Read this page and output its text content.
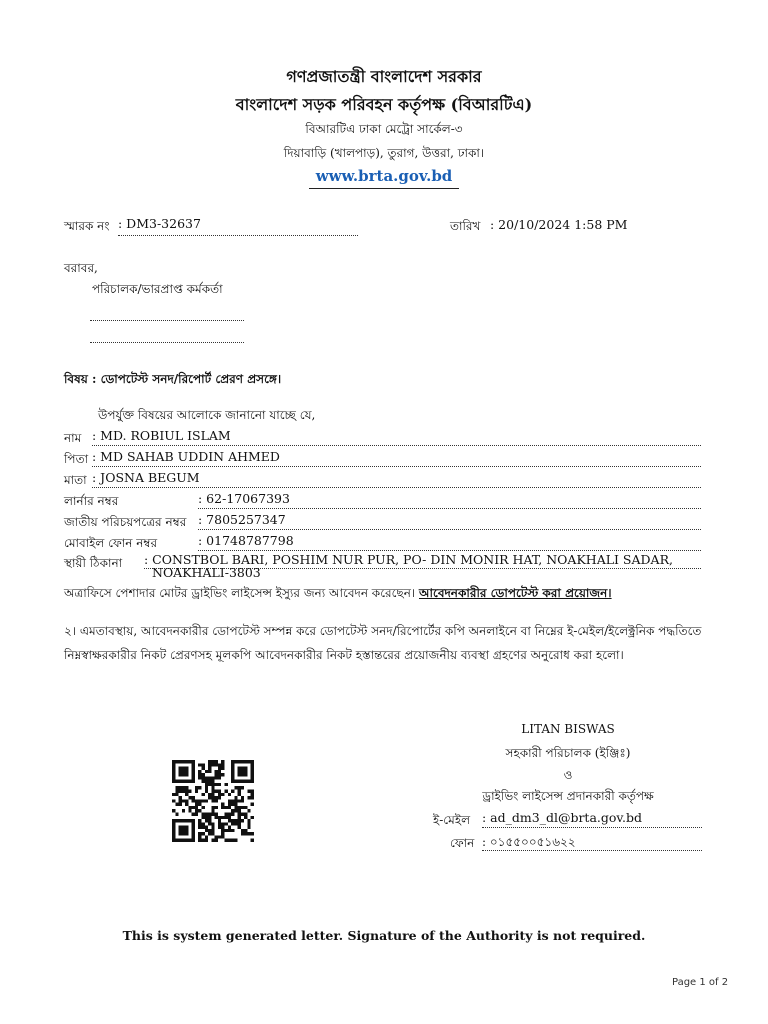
গণপ্রজাতন্ত্রী বাংলাদেশ সরকার
বাংলাদেশ সড়ক পরিবহন কর্তৃপক্ষ (বিআরটিএ)
বিআরটিএ ঢাকা মেট্রো সার্কেল-৩
দিয়াবাড়ি (খালপাড়), তুরাগ, উত্তরা, ঢাকা।
www.brta.gov.bd
স্মারক নং : DM3-32637	তারিখ : 20/10/2024 1:58 PM
বরাবর,
পরিচালক/ভারপ্রাপ্ত কর্মকর্তা
বিষয় : ডোপটেস্ট সনদ/রিপোর্ট প্রেরণ প্রসঙ্গে।
উপর্যুক্ত বিষয়ের আলোকে জানানো যাচ্ছে যে,
নাম : MD. ROBIUL ISLAM
পিতা : MD SAHAB UDDIN AHMED
মাতা : JOSNA BEGUM
লার্নার নম্বর	: 62-17067393
জাতীয় পরিচয়পত্রের নম্বর : 7805257347
মোবাইল ফোন নম্বর	: 01748787798
স্থায়ী ঠিকানা : CONSTBOL BARI, POSHIM NUR PUR, PO- DIN MONIR HAT, NOAKHALI SADAR,
NOAKHALI-3803
অত্রাফিসে পেশাদার মোটর ড্রাইভিং লাইসেন্স ইস্যুর জন্য আবেদন করেছেন। আবেদনকারীর ডোপটেস্ট করা প্রয়োজন।
২। এমতাবস্থায়, আবেদনকারীর ডোপটেস্ট সম্পন্ন করে ডোপটেস্ট সনদ/রিপোর্টের কপি অনলাইনে বা নিম্নের ই-মেইল/ইলেক্ট্রনিক পদ্ধতিতে
নিম্নস্বাক্ষরকারীর নিকট প্রেরণসহ মূলকপি আবেদনকারীর নিকট হস্তান্তরের প্রয়োজনীয় ব্যবস্থা গ্রহণের অনুরোধ করা হলো।
LITAN BISWAS
সহকারী পরিচালক (ইঞ্জিঃ)
ও
ড্রাইভিং লাইসেন্স প্রদানকারী কর্তৃপক্ষ
ই-মেইল : ad_dm3_dl@brta.gov.bd
ফোন : ০১৫৫০০৫১৬২২
This is system generated letter. Signature of the Authority is not required.
Page 1 of 2
